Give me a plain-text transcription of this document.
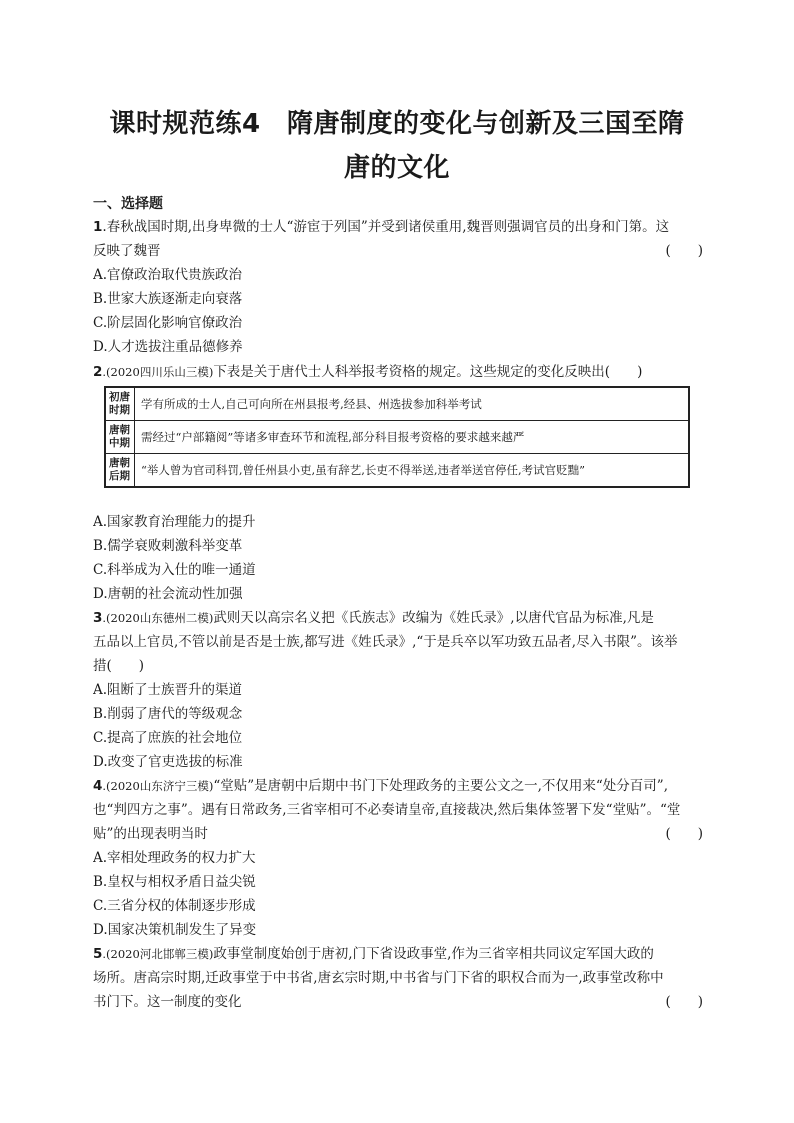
课时规范练4　隋唐制度的变化与创新及三国至隋
唐的文化
一、选择题
1.春秋战国时期,出身卑微的士人“游宦于列国”并受到诸侯重用,魏晋则强调官员的出身和门第。这
反映了魏晋	(　　)
A.官僚政治取代贵族政治
B.世家大族逐渐走向衰落
C.阶层固化影响官僚政治
D.人才选拔注重品德修养
2.(2020四川乐山三模)下表是关于唐代士人科举报考资格的规定。这些规定的变化反映出(　　)
初唐时期	学有所成的士人,自己可向所在州县报考,经县、州选拔参加科举考试
唐朝中期	需经过“户部籍阅”等诸多审查环节和流程,部分科目报考资格的要求越来越严
唐朝后期	“举人曾为官司科罚,曾任州县小吏,虽有辞艺,长吏不得举送,违者举送官停任,考试官贬黜”
A.国家教育治理能力的提升
B.儒学衰败刺激科举变革
C.科举成为入仕的唯一通道
D.唐朝的社会流动性加强
3.(2020山东德州二模)武则天以高宗名义把《氏族志》改编为《姓氏录》,以唐代官品为标准,凡是
五品以上官员,不管以前是否是士族,都写进《姓氏录》,“于是兵卒以军功致五品者,尽入书限”。该举
措(　　)
A.阻断了士族晋升的渠道
B.削弱了唐代的等级观念
C.提高了庶族的社会地位
D.改变了官吏选拔的标准
4.(2020山东济宁三模)“堂贴”是唐朝中后期中书门下处理政务的主要公文之一,不仅用来“处分百司”,
也“判四方之事”。遇有日常政务,三省宰相可不必奏请皇帝,直接裁决,然后集体签署下发“堂贴”。“堂
贴”的出现表明当时	(　　)
A.宰相处理政务的权力扩大
B.皇权与相权矛盾日益尖锐
C.三省分权的体制逐步形成
D.国家决策机制发生了异变
5.(2020河北邯郸三模)政事堂制度始创于唐初,门下省设政事堂,作为三省宰相共同议定军国大政的
场所。唐高宗时期,迁政事堂于中书省,唐玄宗时期,中书省与门下省的职权合而为一,政事堂改称中
书门下。这一制度的变化	(　　)
